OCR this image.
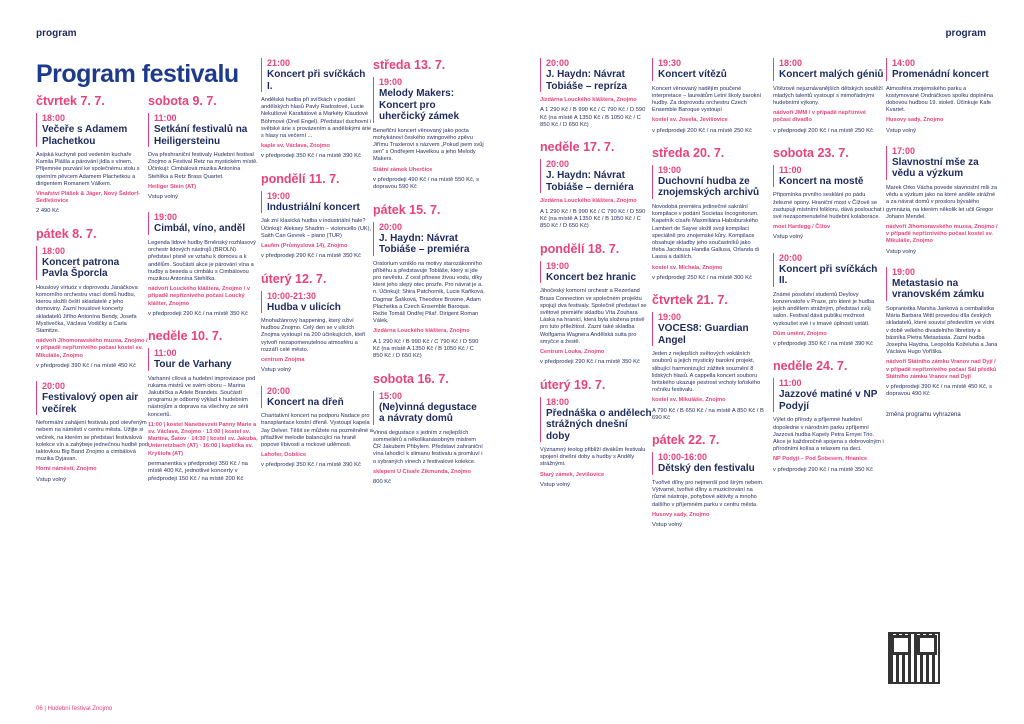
program	program
Program festivalu
čtvrtek 7. 7.
18:00
Večeře s Adamem Plachetkou
Asijská kuchyně pod vedením kuchaře Kamila Plášla a párování jídla s vínem. Příjemnée pozvání ke společnému stolu s operním pěvcem Adamem Plachetkou a dirigentem Romanem Válkem.
Vinařství Plášek & Jäger, Nový Šaldorf-Sedlešovice
2 490 Kč
pátek 8. 7.
18:00
Koncert patrona Pavla Šporcla
Houslový virtuóz v doprovodu Janáčkova komorního orchestru vrací domů hudbu, kterou složili čeští skladatelé z jeho domoviny. Zazní houslové koncerty skladatelů Jiřího Antonína Bendy, Josefa Myslivečka, Václava Vodičky a Carla Stamitze.
nádvoří Jihomoravského muzea, Znojmo / v případě nepříznivého počasí kostel sv. Mikuláše, Znojmo
v předprodeji 390 Kč / na místě 450 Kč
20:00
Festivalový open air večírek
Neformální zahájení festivalu pod otevřeným nebem na náměstí v centru města. Užijte si večírek, na kterém se představí festivalová kolekce vín a zahýbeje jednečnou hudbě pod taktovkou Big Band Znojmo a cimbálová muzika Dyjavan.
Horní náměstí, Znojmo
Vstup volný
sobota 9. 7.
11:00
Setkání festivalů na Heiligersteinu
Dva přeshraniční festivaly Hudební festival Znojmo a Festival Retz na mystickém místě. Účinkují: Cimbálová muzika Antonína Stehlíka a Retz Brass Quartet.
Heiliger Stein (AT)
Vstup volný
19:00
Cimbál, víno, anděl
Legenda lidové hudby Brněnský rozhlasový orchestr lidových nástrojů (BROLN) představí písně ve vztahu k domovu a k andělům. Součástí akce je párování vína a hudby a beseda u cimbálu s Cimbálovou muzikou Antonína Stehlíka.
nádvoří Louckého kláštera, Znojmo / v případě nepříznivého počasí Loucký klášter, Znojmo
v předprodeji 290 Kč / na místě 350 Kč
neděle 10. 7.
11:00
Tour de Varhany
Varhanní cílová a hudební improvizace pod rukama mistrů ve svém oboru – Marina Jakubíčka a Adele Brandeis. Součástí programu je odborný výklad k hudebním nástrojům a doprava na všechny ze sérii koncertů.
11:00 | kostel Nanebevzetí Panny Marie a sv. Václava, Znojmo · 13:00 | kostel sv. Martina, Šatov · 14:30 | kostel sv. Jakuba, Unterretzbach (AT) · 16:00 | kaplička sv. Kryštofa (AT)
permanentka v předprodeji 350 Kč / na místě 400 Kč, jednotlivé koncerty v předprodeji 150 Kč / na místě 200 Kč
21:00
Koncert při svíčkách I.
Andělská hudba při svíčkách v podání andělských hlasů Pavly Radostové, Lucie Nekulšové Karafiátové a Markéty Klaudové Böhmové (Dreil Engel). Představí duchovní i světské árie s provázením a andělskými árie s hlasy na večerní ...
kaple sv. Václava, Znojmo
v předprodeji 350 Kč / na místě 390 Kč
pondělí 11. 7.
19:00
Industriální koncert
Jak zní klasická hudba v industriální hale? Účinkují: Aleksey Shadrin – violoncello (UK), Saith Can Gevrek – piano (TUR)
Laufen (Průmyslová 14), Znojmo
v předprodeji 290 Kč / na místě 350 Kč
úterý 12. 7.
10:00-21:30
Hudba v ulicích
Mnohažánrový happening, který oživí hudbou Znojmo. Celý den se v ulicích Znojma vystoupí na 200 účinkujících, kteří vytvoří nezapomenutelnou atmosféru a rozzáří celé město.
centrum Znojma
Vstup volný
20:00
Koncert na dřeň
Charitativní koncert na podporu Nadace pro transplantace kostní dřeně. Vystoupí kapela Jay Delver. Těšit se můžete na pozměněné a přitažlivé melodie balancující na hraně popové líbivosti a rockové uděmosti.
Lahofer, Dobšice
v předprodeji 350 Kč / na místě 390 Kč
středa 13. 7.
19:00
Melody Makers: Koncert pro uherčický zámek
Benefiční koncert věnovaný jako pocta mohykánovi českého swingového zpěvu Jiřímu Traxlerovi s názvem „Pokud jsem svůj sen" s Ondřejem Havelkou a jeho Melody Makers.
Státní zámek Uherčice
v předprodeji 490 Kč / na místě 550 Kč, s dopravou 590 Kč
pátek 15. 7.
20:00
J. Haydn: Návrat Tobiáše – premiéra
Oratorium vzniklo na motivy starozákonního příběhu a představuje Tobiáše, který si jde pro nevěstu. Z cest přinese živou vodu, díky které jeho slepý otec prozře. Pro návrat je a. n. Účinkují: Shira Patchornik, Lucie Kaňková, Dagmar Šašková, Theodore Browne, Adam Plachetka a Czech Ensemble Baroque. Režie Tomáš Ondřej Pilař. Dirigent Roman Válek.
Jízdárna Louckého kláštera, Znojmo
A 1 290 Kč / B 990 Kč / C 790 Kč / D 590 Kč (na místě A 1350 Kč / B 1050 Kč / C 850 Kč / D 650 Kč)
sobota 16. 7.
15:00
(Ne)vinná degustace a návraty domů
Vinná degustace s jedním z nejlepších sommeliérů a několikanásobným mistrem ČR Jakubem Přibylem. Představí zahraniční vína lahodící k slimanu festivalu a promluví i o vybraných vínech z festivalové kolekce.
sklepení U Císaře Zikmunda, Znojmo
800 Kč
20:00
J. Haydn: Návrat Tobiáše – repríza
Jízdárna Louckého kláštera, Znojmo
A 1 290 Kč / B 990 Kč / C 790 Kč / D 590 Kč (na místě A 1350 Kč / B 1050 Kč / C 850 Kč / D 650 Kč)
neděle 17. 7.
20:00
J. Haydn: Návrat Tobiáše – derniéra
Jízdárna Louckého kláštera, Znojmo
A 1 290 Kč / B 990 Kč / C 790 Kč / D 590 Kč (na místě A 1350 Kč / B 1050 Kč / C 850 Kč / D 650 Kč)
pondělí 18. 7.
19:00
Koncert bez hranic
Jihočeský komorní orchestr a Rezerland Brass Connection ve společném projektu spojují dva festivaly. Společně představí se světové premiéře skladbu Víta Zouhara Láska na hranici, která byla složena právě pro tuto příležitost. Zazní také skladba Wolfgama Wagnera Andělská suita pro smyčce a žestě.
Centrum Louka, Znojmo
v předprodeji 290 Kč / na místě 350 Kč
úterý 19. 7.
18:00
Přednáška o andělech strážných dnešní doby
Významný teolog přiblíží divákům festivalu spojení dnešní doby a hudby s Anděly strážnými.
Starý zámek, Jevišovice
Vstup volný
19:30
Koncert vítězů
Koncert věnovaný nadějím poučené interpretace – laureátům Letní školy barokní hudby. Za doprovodu orchestru Czech Ensemble Baroque vystoupí
kostel sv. Josefa, Jevišovice
v předprodeji 200 Kč / na místě 250 Kč
středa 20. 7.
19:00
Duchovní hudba ze znojemských archivů
Novodobá premiéra jedinečné sakrální kompilace v podání Societas Incognitorum. Kapelník císaře Maxmiliána Habsburského Lambert de Sayve složil svoji kompilaci speciálně pro znojemské kůry. Kompilace obsahuje skladby jeho součastníků jako třeba Jacobusa Handla Gallusa, Orlanda di Lassa a dalších.
kostel sv. Michala, Znojmo
v předprodeji 250 Kč / na místě 300 Kč
čtvrtek 21. 7.
19:00
VOCES8: Guardian Angel
Jeden z nejlepších světových vokálních souborů a jejich mystický barokní projekt, slibující harmonizující zážitek souznění 8 lidských hlasů. A cappella koncert souboru britského ukazuje pestrost vrcholy loňského ročníku festivalu.
kostel sv. Mikuláše, Znojmo
A 790 Kč / B 650 Kč / na místě A 850 Kč / B 690 Kč
pátek 22. 7.
10:00-16:00
Dětský den festivalu
Tvořivé dílny pro nejmenší pod širým nebem. Výtvarné, tvořivé dílny a muzicírování na různé nástroje, pohybové aktivity a mnoho dalšího v příjemném parku v centru města.
Husovy sady, Znojmo
Vstup volný
18:00
Koncert malých géniů
Vítězové nejuznávanějších dětských soutěží mladých talentů vystoupí s mimořádnými hudebními výkony.
nádvoří JMM / v případě nepříznivé počasí divadlo
v předprodeji 200 Kč / na místě 250 Kč
sobota 23. 7.
11:00
Koncert na mostě
Připomínka prvního sesklání po pádu železné opony. Hraniční most v Čížově se zastupují místními folkloru, dává poslouchat i své nezapomenutelné hudební kolaborace.
most Hardegg / Čížov
Vstup volný
20:00
Koncert při svíčkách II.
Známé posolství studentů Deylovy konzervatoře v Praze, pro které je hudba jejich andělem strážným, představí svůj salon. Festival dává publiku možnost vyzkoušet své i v tmavé úplnosti ustátí.
Dům umění, Znojmo
v předprodeji 350 Kč / na místě 390 Kč
neděle 24. 7.
11:00
Jazzové matiné v NP Podyjí
Výlet do přírody a příjemné hudební dopoledne v národním parku zpříjemní Jazzová hudba Kapely Petra Ernyei Trio. Akce je každoročně spojena s dobrovolným i přírodními kolísa a relaxem na deci.
NP Podyjí – Pod Šobesem, Hnanice
v předprodeji 290 Kč / na místě 350 Kč
14:00
Promenádní koncert
Atmosféra znojemského parku a kostymované Ondráčkovo spolku doplněna dobovou hudbou 19. století. Účinkuje Kafe Kvartet.
Husovy sady, Znojmo
Vstup volný
17:00
Slavnostní mše za vědu a výzkum
Marek Orko Vácha povede slavnostní mši za vědu a výzkum jako na které anděle strážné a za návrat domů v prosloru bývalého gymnázia, na kterém několik let učil Gregor Johann Mendel.
nádvoří Jihomoravského muzea, Znojmo / v případě nepříznivého počasí kostel sv. Mikuláše, Znojmo
Vstup volný
19:00
Metastasio na vranovském zámku
Sopranistka Marsha Janková a cembalistka Mária Barbara Wittl provedou díla českých skladatelů, které souvisí především ve vídni v době velkého divadelního libretisty a básníka Pietra Metastasia. Zazní hudba Josepha Haydna, Leopolda Koželuha a Jana Václava Hugo Voříška.
nádvoří Státního zámku Vranov nad Dyjí / v případě nepříznivého počasí Sál předků Státního zámku Vranov nad Dyjí
v předprodeji 390 Kč / na místě 450 Kč, s dopravou 490 Kč
změna programu vyhrazena
06 | Hudební festival Znojmo
